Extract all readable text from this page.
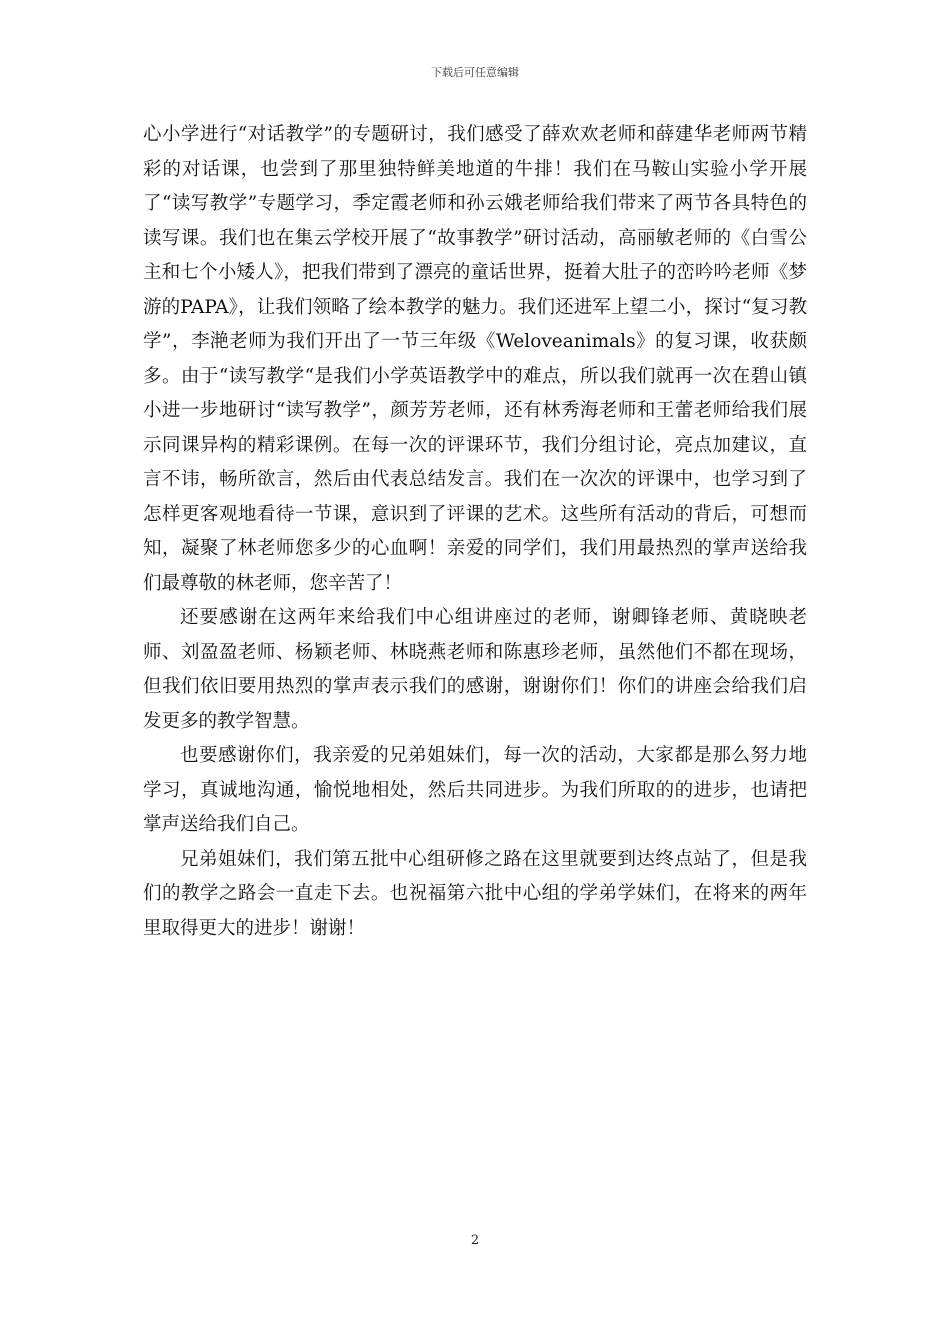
下载后可任意编辑

心小学进行“对话教学”的专题研讨，我们感受了薛欢欢老师和薛建华老师两节精彩的对话课，也尝到了那里独特鲜美地道的牛排！我们在马鞍山实验小学开展了“读写教学”专题学习，季定霞老师和孙云娥老师给我们带来了两节各具特色的读写课。我们也在集云学校开展了“故事教学”研讨活动，高丽敏老师的《白雪公主和七个小矮人》，把我们带到了漂亮的童话世界，挺着大肚子的峦吟吟老师《梦游的PAPA》，让我们领略了绘本教学的魅力。我们还进军上望二小，探讨“复习教学”，李滟老师为我们开出了一节三年级《Weloveanimals》的复习课，收获颇多。由于“读写教学“是我们小学英语教学中的难点，所以我们就再一次在碧山镇小进一步地研讨“读写教学”，颜芳芳老师，还有林秀海老师和王蕾老师给我们展示同课异构的精彩课例。在每一次的评课环节，我们分组讨论，亮点加建议，直言不讳，畅所欲言，然后由代表总结发言。我们在一次次的评课中，也学习到了怎样更客观地看待一节课，意识到了评课的艺术。这些所有活动的背后，可想而知，凝聚了林老师您多少的心血啊！亲爱的同学们，我们用最热烈的掌声送给我们最尊敬的林老师，您辛苦了！

还要感谢在这两年来给我们中心组讲座过的老师，谢卿锋老师、黄晓映老师、刘盈盈老师、杨颖老师、林晓燕老师和陈惠珍老师，虽然他们不都在现场，但我们依旧要用热烈的掌声表示我们的感谢，谢谢你们！你们的讲座会给我们启发更多的教学智慧。

也要感谢你们，我亲爱的兄弟姐妹们，每一次的活动，大家都是那么努力地学习，真诚地沟通，愉悦地相处，然后共同进步。为我们所取的的进步，也请把掌声送给我们自己。

兄弟姐妹们，我们第五批中心组研修之路在这里就要到达终点站了，但是我们的教学之路会一直走下去。也祝福第六批中心组的学弟学妹们，在将来的两年里取得更大的进步！谢谢！

2
